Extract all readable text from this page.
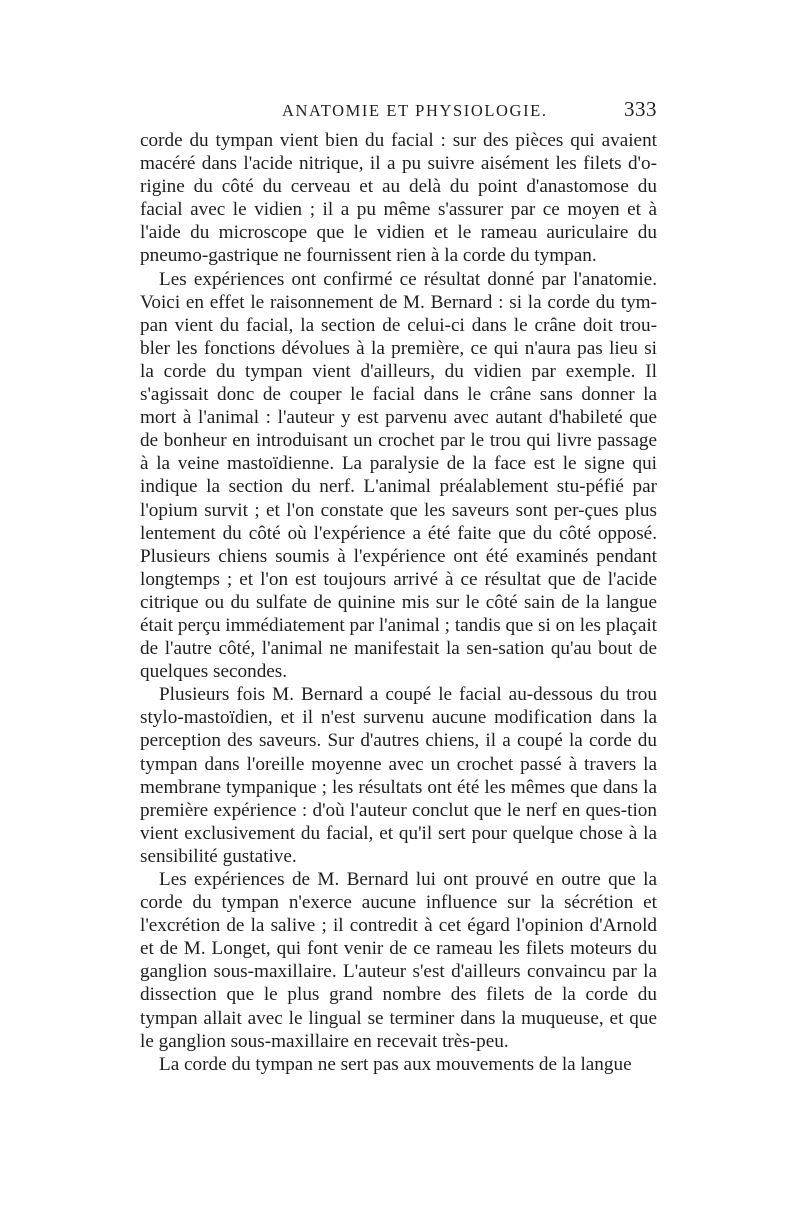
ANATOMIE ET PHYSIOLOGIE.	333

corde du tympan vient bien du facial : sur des pièces qui avaient macéré dans l'acide nitrique, il a pu suivre aisément les filets d'o-rigine du côté du cerveau et au delà du point d'anastomose du facial avec le vidien ; il a pu même s'assurer par ce moyen et à l'aide du microscope que le vidien et le rameau auriculaire du pneumo-gastrique ne fournissent rien à la corde du tympan.

Les expériences ont confirmé ce résultat donné par l'anatomie. Voici en effet le raisonnement de M. Bernard : si la corde du tym-pan vient du facial, la section de celui-ci dans le crâne doit trou-bler les fonctions dévolues à la première, ce qui n'aura pas lieu si la corde du tympan vient d'ailleurs, du vidien par exemple. Il s'agissait donc de couper le facial dans le crâne sans donner la mort à l'animal : l'auteur y est parvenu avec autant d'habileté que de bonheur en introduisant un crochet par le trou qui livre passage à la veine mastoïdienne. La paralysie de la face est le signe qui indique la section du nerf. L'animal préalablement stu-péfié par l'opium survit ; et l'on constate que les saveurs sont per-çues plus lentement du côté où l'expérience a été faite que du côté opposé. Plusieurs chiens soumis à l'expérience ont été examinés pendant longtemps ; et l'on est toujours arrivé à ce résultat que de l'acide citrique ou du sulfate de quinine mis sur le côté sain de la langue était perçu immédiatement par l'animal ; tandis que si on les plaçait de l'autre côté, l'animal ne manifestait la sen-sation qu'au bout de quelques secondes.

Plusieurs fois M. Bernard a coupé le facial au-dessous du trou stylo-mastoïdien, et il n'est survenu aucune modification dans la perception des saveurs. Sur d'autres chiens, il a coupé la corde du tympan dans l'oreille moyenne avec un crochet passé à travers la membrane tympanique ; les résultats ont été les mêmes que dans la première expérience : d'où l'auteur conclut que le nerf en ques-tion vient exclusivement du facial, et qu'il sert pour quelque chose à la sensibilité gustative.

Les expériences de M. Bernard lui ont prouvé en outre que la corde du tympan n'exerce aucune influence sur la sécrétion et l'excrétion de la salive ; il contredit à cet égard l'opinion d'Arnold et de M. Longet, qui font venir de ce rameau les filets moteurs du ganglion sous-maxillaire. L'auteur s'est d'ailleurs convaincu par la dissection que le plus grand nombre des filets de la corde du tympan allait avec le lingual se terminer dans la muqueuse, et que le ganglion sous-maxillaire en recevait très-peu.

La corde du tympan ne sert pas aux mouvements de la langue
